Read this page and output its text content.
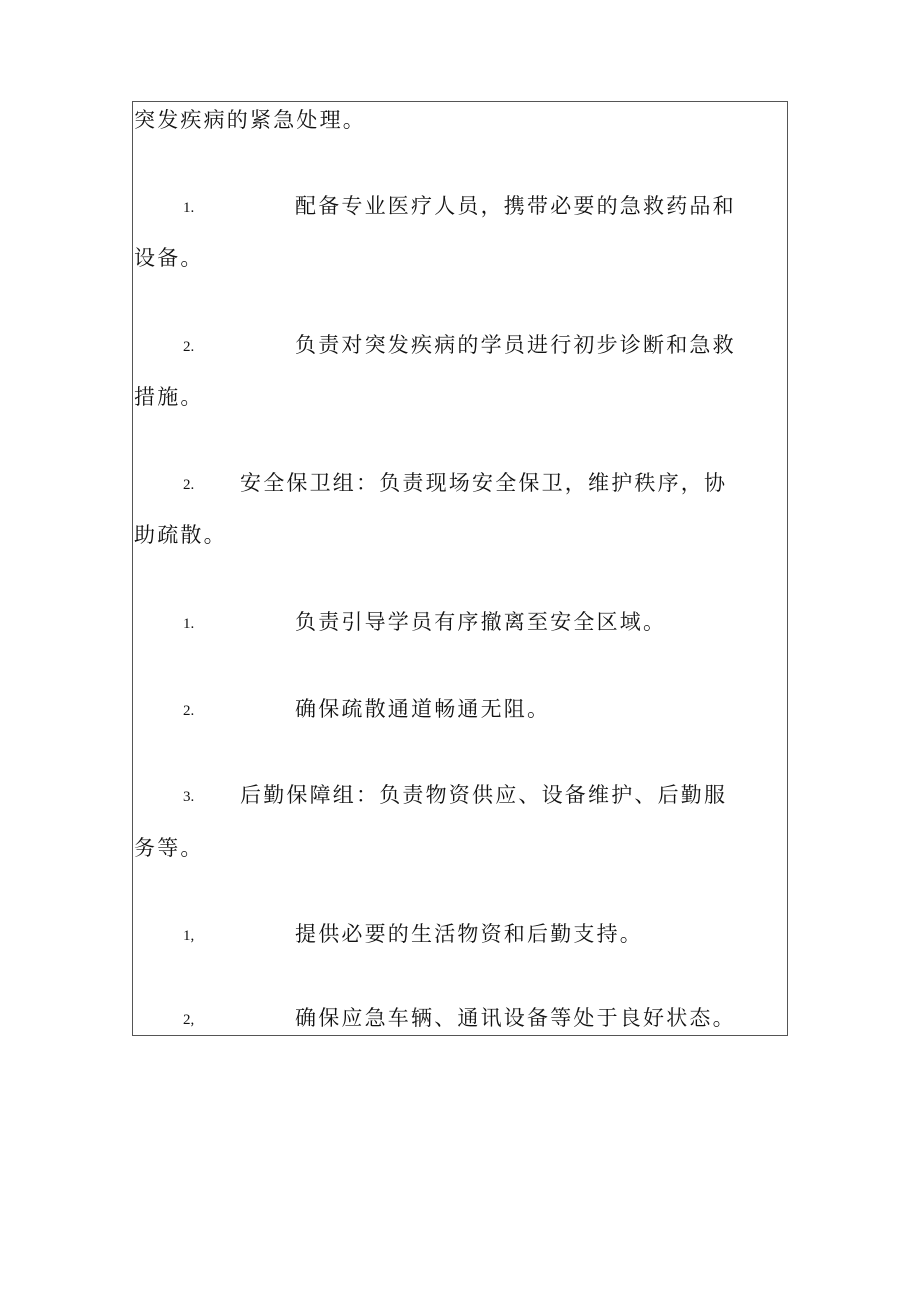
突发疾病的紧急处理。
1.	配备专业医疗人员，携带必要的急救药品和
设备。
2.	负责对突发疾病的学员进行初步诊断和急救
措施。
2. 安全保卫组：负责现场安全保卫，维护秩序，协
助疏散。
1.	负责引导学员有序撤离至安全区域。
2.	确保疏散通道畅通无阻。
3. 后勤保障组：负责物资供应、设备维护、后勤服
务等。
1,	提供必要的生活物资和后勤支持。
2,	确保应急车辆、通讯设备等处于良好状态。
